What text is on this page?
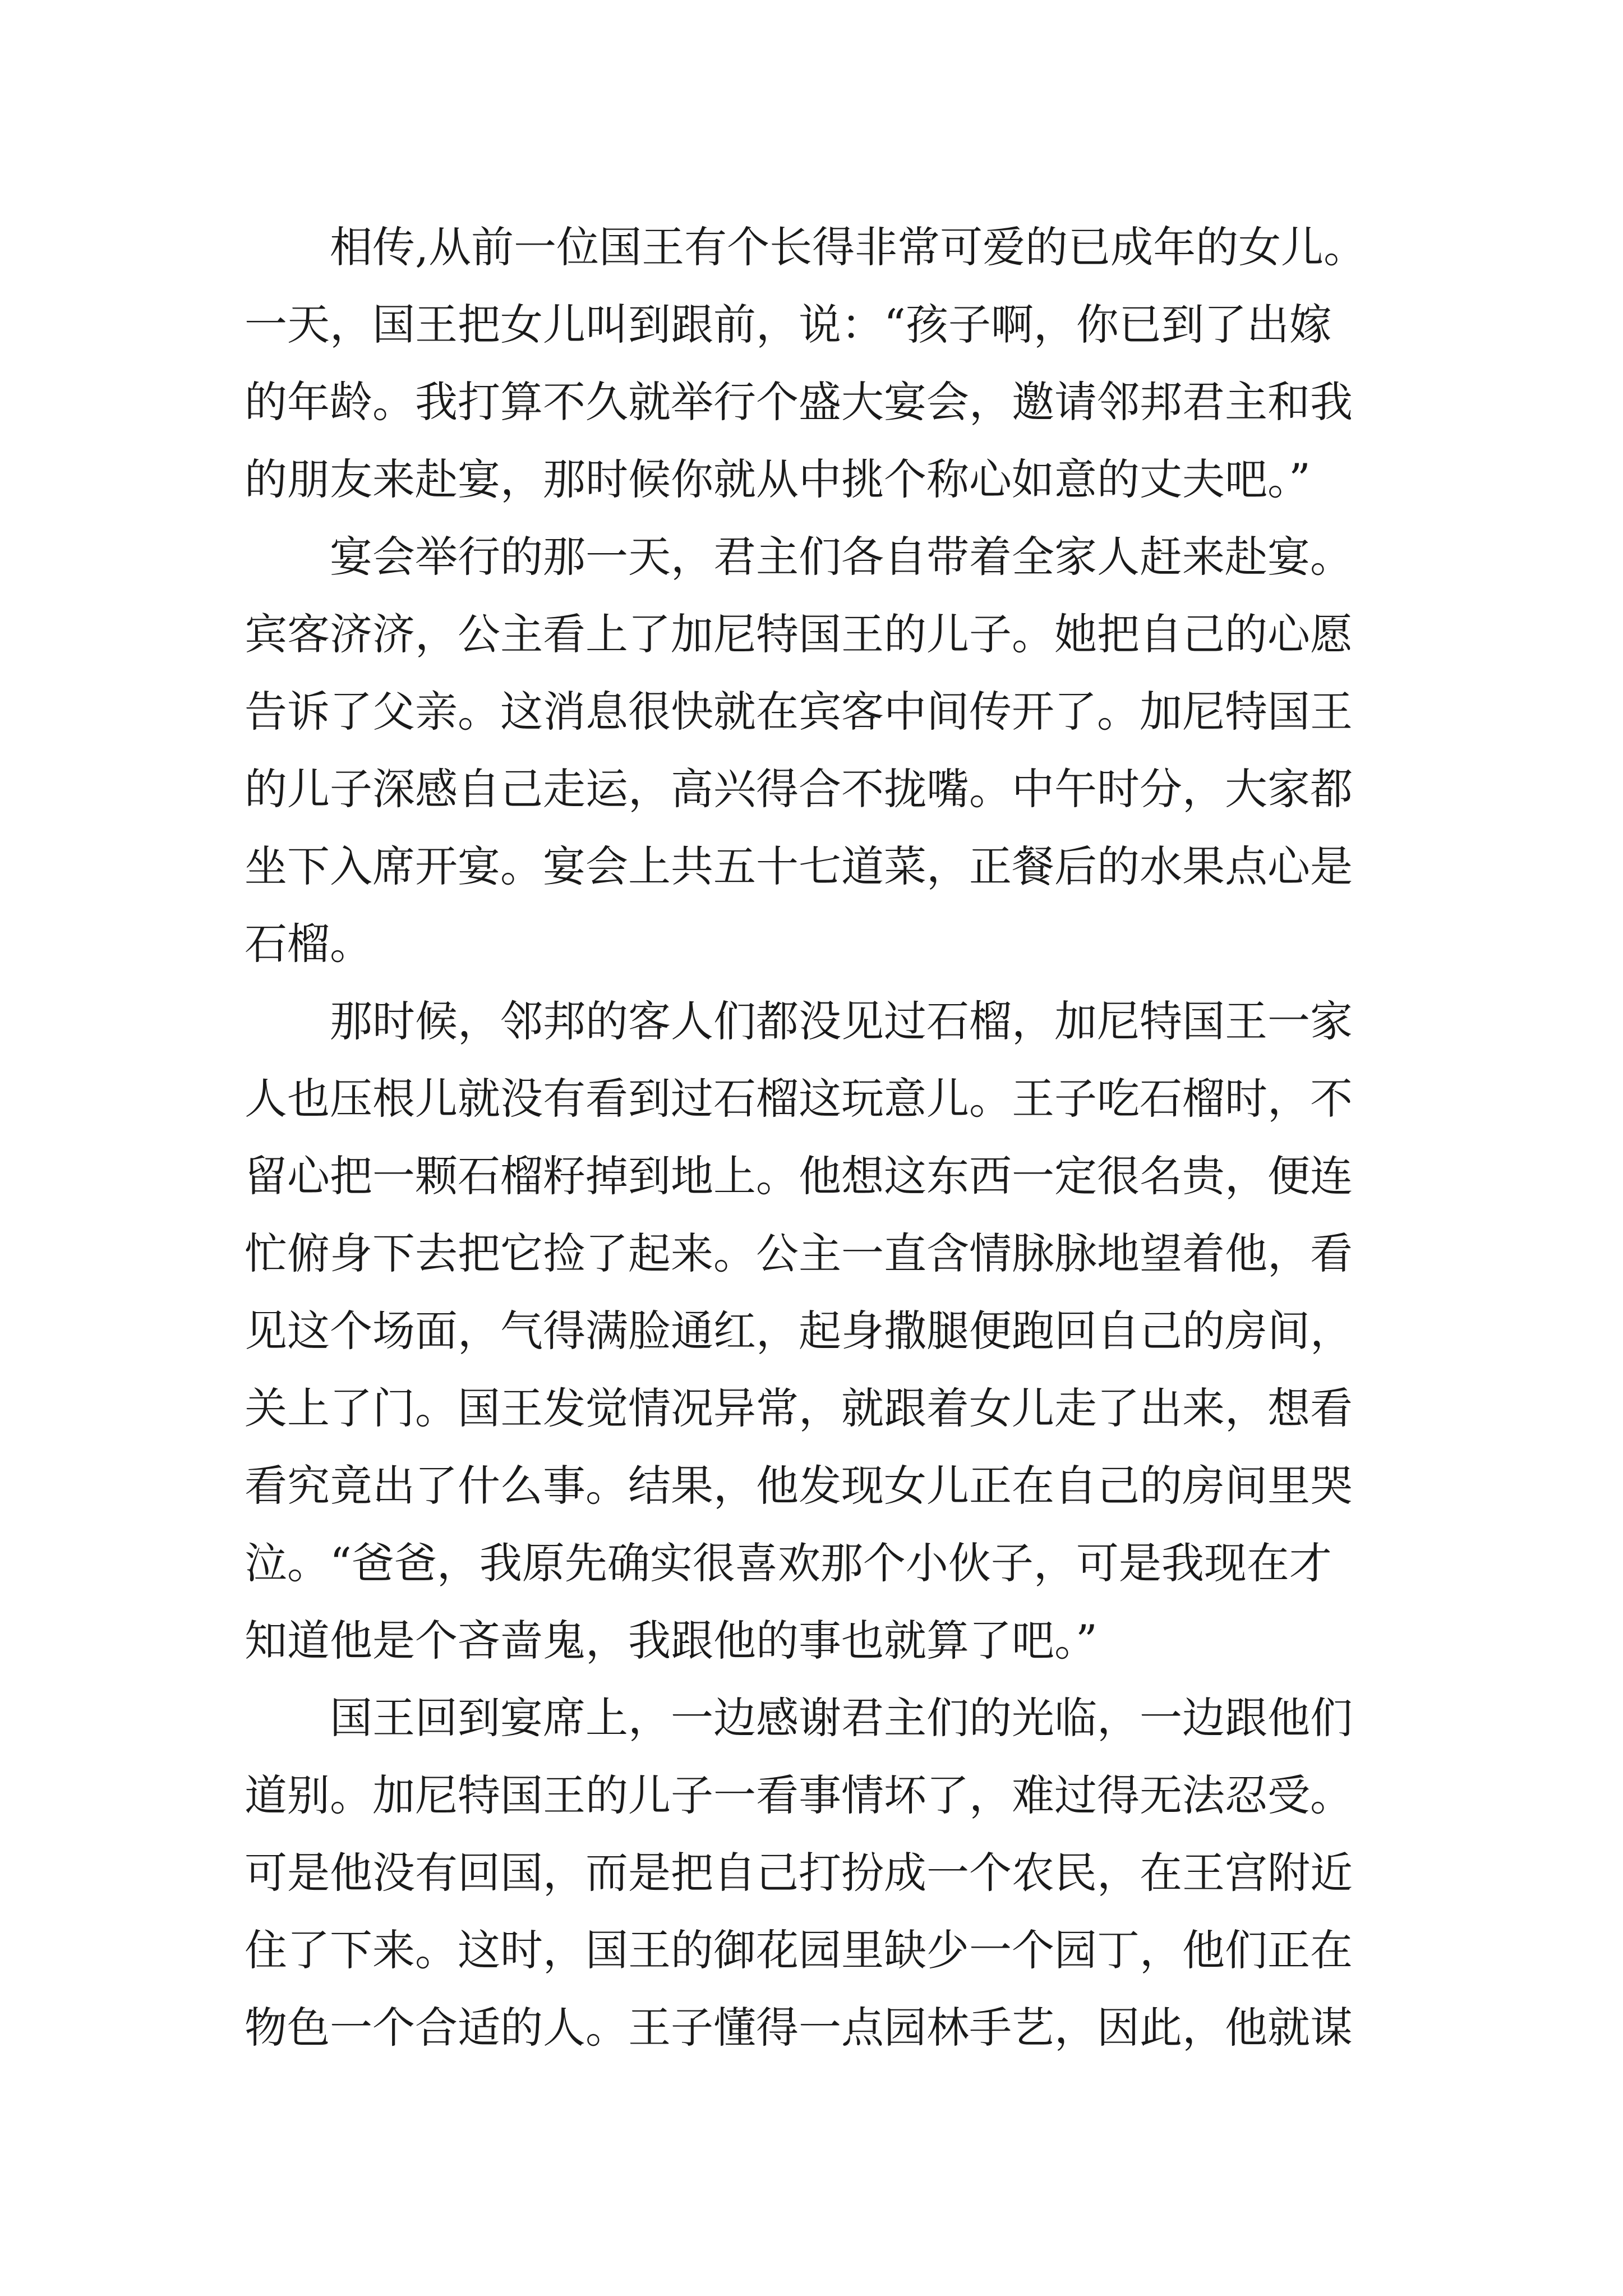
相传,从前一位国王有个长得非常可爱的已成年的女儿。
一天，国王把女儿叫到跟前，说：“孩子啊，你已到了出嫁
的年龄。我打算不久就举行个盛大宴会，邀请邻邦君主和我
的朋友来赴宴，那时候你就从中挑个称心如意的丈夫吧。”
宴会举行的那一天，君主们各自带着全家人赶来赴宴。
宾客济济，公主看上了加尼特国王的儿子。她把自己的心愿
告诉了父亲。这消息很快就在宾客中间传开了。加尼特国王
的儿子深感自己走运，高兴得合不拢嘴。中午时分，大家都
坐下入席开宴。宴会上共五十七道菜，正餐后的水果点心是
石榴。
那时候，邻邦的客人们都没见过石榴，加尼特国王一家
人也压根儿就没有看到过石榴这玩意儿。王子吃石榴时，不
留心把一颗石榴籽掉到地上。他想这东西一定很名贵，便连
忙俯身下去把它捡了起来。公主一直含情脉脉地望着他，看
见这个场面，气得满脸通红，起身撒腿便跑回自己的房间，
关上了门。国王发觉情况异常，就跟着女儿走了出来，想看
看究竟出了什么事。结果，他发现女儿正在自己的房间里哭
泣。“爸爸，我原先确实很喜欢那个小伙子，可是我现在才
知道他是个吝啬鬼，我跟他的事也就算了吧。”
国王回到宴席上，一边感谢君主们的光临，一边跟他们
道别。加尼特国王的儿子一看事情坏了，难过得无法忍受。
可是他没有回国，而是把自己打扮成一个农民，在王宫附近
住了下来。这时，国王的御花园里缺少一个园丁，他们正在
物色一个合适的人。王子懂得一点园林手艺，因此，他就谋
